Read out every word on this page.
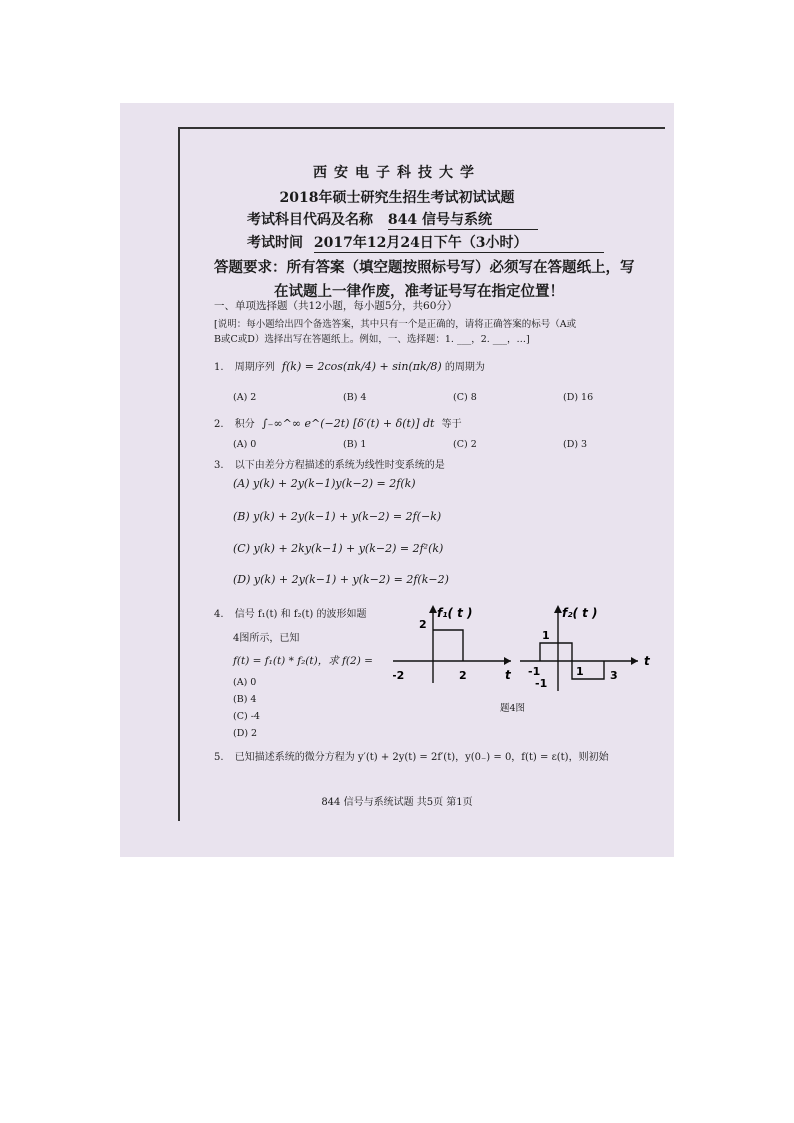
西安电子科技大学
2018年硕士研究生招生考试初试试题
考试科目代码及名称 844 信号与系统
考试时间 2017年12月24日下午（3小时）
答题要求：所有答案（填空题按照标号写）必须写在答题纸上，写
在试题上一律作废，准考证号写在指定位置！
一、单项选择题（共12小题，每小题5分，共60分）
[说明：每小题给出四个备选答案，其中只有一个是正确的，请将正确答案的标号（A或
B或C或D）选择出写在答题纸上。例如，一、选择题：1. ___，2. ___，…]
1. 周期序列 f(k) = 2cos(πk/4) + sin(πk/8) 的周期为
(A) 2	(B) 4	(C) 8	(D) 16
2. 积分 ∫₋∞^∞ e^(−2t) [δ′(t) + δ(t)] dt 等于
(A) 0	(B) 1	(C) 2	(D) 3
3. 以下由差分方程描述的系统为线性时变系统的是
(A) y(k) + 2y(k−1)y(k−2) = 2f(k)
(B) y(k) + 2y(k−1) + y(k−2) = 2f(−k)
(C) y(k) + 2ky(k−1) + y(k−2) = 2f²(k)
(D) y(k) + 2y(k−1) + y(k−2) = 2f(k−2)
4. 信号 f₁(t) 和 f₂(t) 的波形如题
4图所示，已知
f(t) = f₁(t) * f₂(t)，求 f(2) =
(A) 0
(B) 4
(C) -4
(D) 2
f₁( t )
2
-2	2	t
f₂( t )
1
-1
-1	1 3
t
题4图
5. 已知描述系统的微分方程为 y′(t) + 2y(t) = 2f′(t)，y(0₋) = 0，f(t) = ε(t)，则初始
844 信号与系统试题 共5页 第1页
